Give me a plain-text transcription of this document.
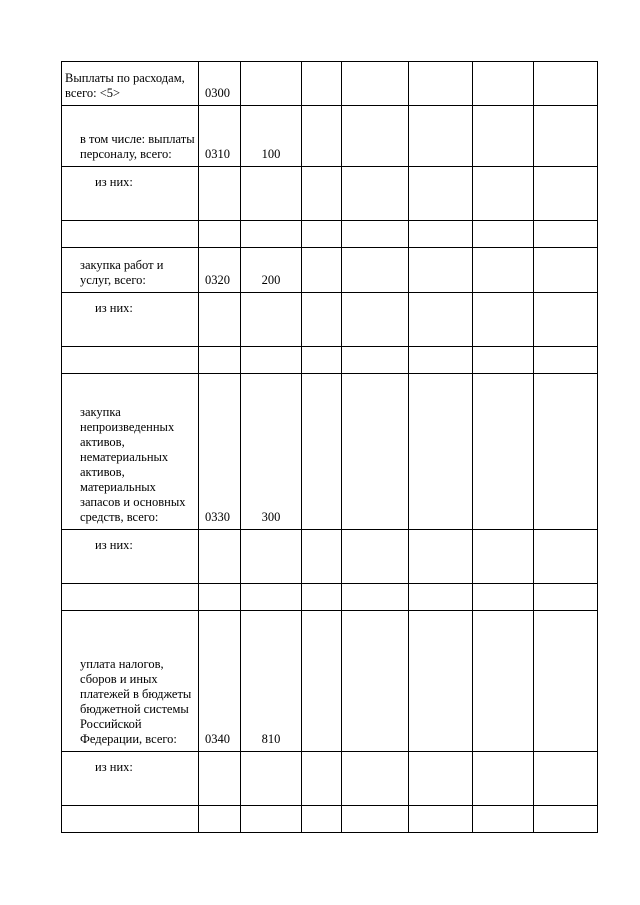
Выплаты по расходам, всего: <5>	0300						
в том числе: выплаты персоналу, всего:	0310	100					
из них:							

закупка работ и услуг, всего:	0320	200					
из них:							

закупка непроизведенных активов, нематериальных активов, материальных запасов и основных средств, всего:	0330	300					
из них:							

уплата налогов, сборов и иных платежей в бюджеты бюджетной системы Российской Федерации, всего:	0340	810					
из них:							
